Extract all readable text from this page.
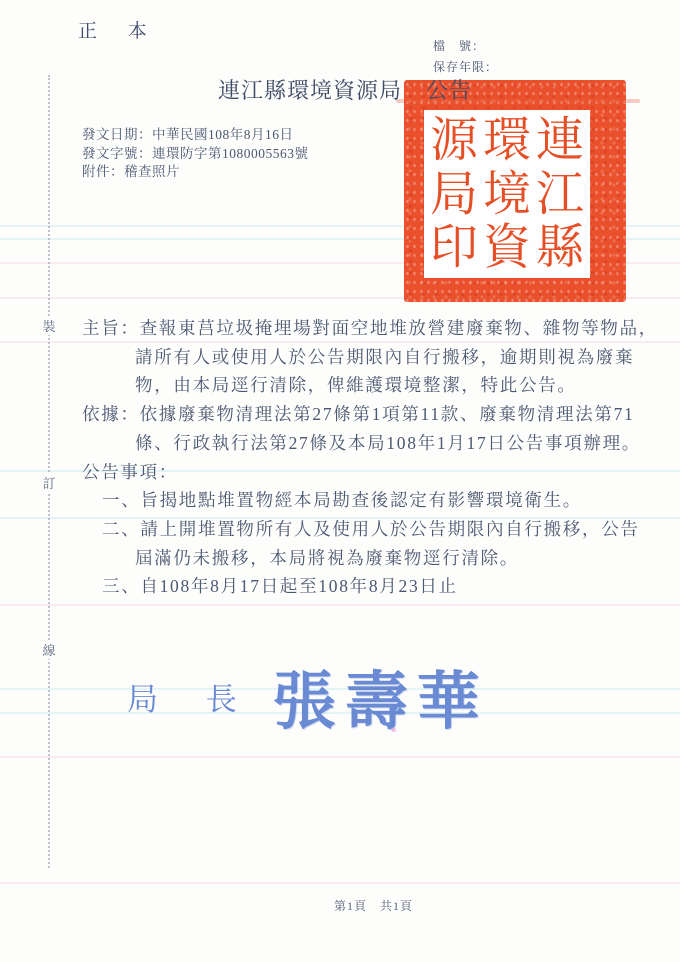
裝
訂
線
正 本
檔　號：
保存年限：
連江縣環境資源局 公告
連
江
縣
環
境
資
源
局
印
發文日期：中華民國108年8月16日
發文字號：連環防字第1080005563號
附件：稽查照片
主旨：查報東莒垃圾掩埋場對面空地堆放營建廢棄物、雜物等物品，
請所有人或使用人於公告期限內自行搬移，逾期則視為廢棄
物，由本局逕行清除，俾維護環境整潔，特此公告。
依據：依據廢棄物清理法第27條第1項第11款、廢棄物清理法第71
條、行政執行法第27條及本局108年1月17日公告事項辦理。
公告事項：
一、旨揭地點堆置物經本局勘查後認定有影響環境衛生。
二、請上開堆置物所有人及使用人於公告期限內自行搬移，公告
屆滿仍未搬移，本局將視為廢棄物逕行清除。
三、自108年8月17日起至108年8月23日止
局 長 張壽華
第1頁　共1頁
